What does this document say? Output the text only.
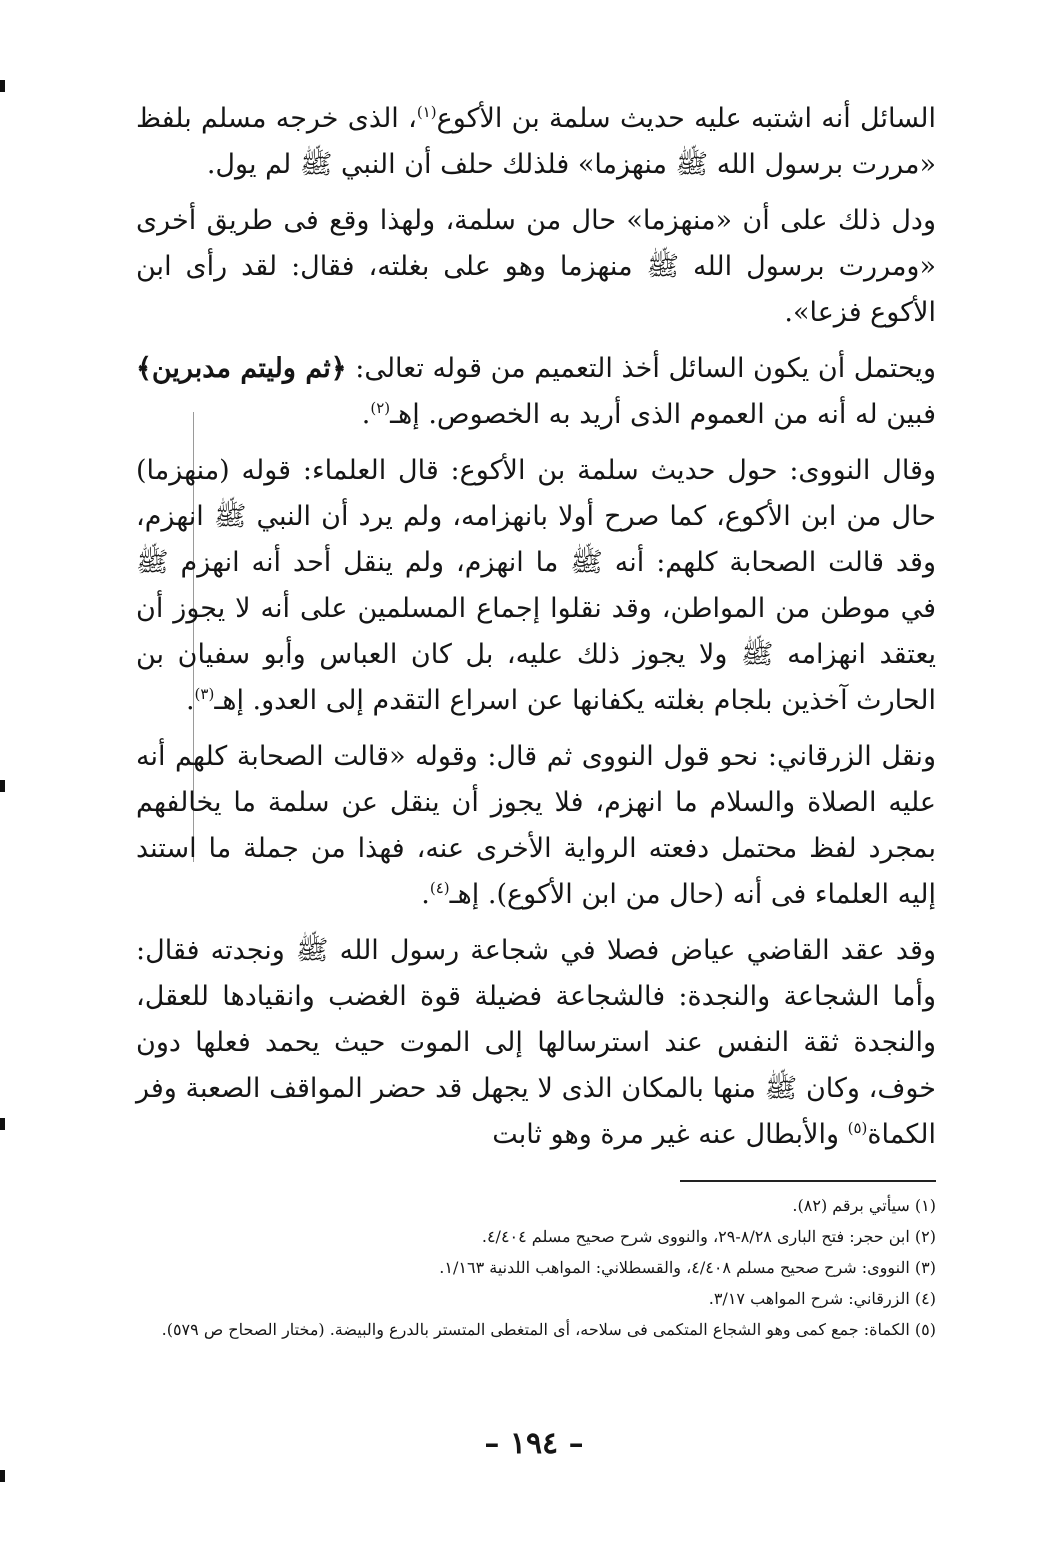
السائل أنه اشتبه عليه حديث سلمة بن الأكوع$^{(١)}$، الذى خرجه مسلم بلفظ «مررت برسول الله ﷺ منهزما» فلذلك حلف أن النبي ﷺ لم يول.

ودل ذلك على أن «منهزما» حال من سلمة، ولهذا وقع فى طريق أخرى «ومررت برسول الله ﷺ منهزما وهو على بغلته، فقال: لقد رأى ابن الأكوع فزعا».

ويحتمل أن يكون السائل أخذ التعميم من قوله تعالى: ﴿ثم وليتم مدبرين﴾ فبين له أنه من العموم الذى أريد به الخصوص. إهـ$^{(٢)}$.

وقال النووى: حول حديث سلمة بن الأكوع: قال العلماء: قوله (منهزما) حال من ابن الأكوع، كما صرح أولا بانهزامه، ولم يرد أن النبي ﷺ انهزم، وقد قالت الصحابة كلهم: أنه ﷺ ما انهزم، ولم ينقل أحد أنه انهزم ﷺ في موطن من المواطن، وقد نقلوا إجماع المسلمين على أنه لا يجوز أن يعتقد انهزامه ﷺ ولا يجوز ذلك عليه، بل كان العباس وأبو سفيان بن الحارث آخذين بلجام بغلته يكفانها عن اسراع التقدم إلى العدو. إهـ$^{(٣)}$.

ونقل الزرقاني: نحو قول النووى ثم قال: وقوله «قالت الصحابة كلهم أنه عليه الصلاة والسلام ما انهزم، فلا يجوز أن ينقل عن سلمة ما يخالفهم بمجرد لفظ محتمل دفعته الرواية الأخرى عنه، فهذا من جملة ما استند إليه العلماء فى أنه (حال من ابن الأكوع). إهـ$^{(٤)}$.

وقد عقد القاضي عياض فصلا في شجاعة رسول الله ﷺ ونجدته فقال: وأما الشجاعة والنجدة: فالشجاعة فضيلة قوة الغضب وانقيادها للعقل، والنجدة ثقة النفس عند استرسالها إلى الموت حيث يحمد فعلها دون خوف، وكان ﷺ منها بالمكان الذى لا يجهل قد حضر المواقف الصعبة وفر الكماة$^{(٥)}$ والأبطال عنه غير مرة وهو ثابت

(١) سيأتي برقم (٨٢).

(٢) ابن حجر: فتح البارى ٨/٢٨-٢٩، والنووى شرح صحيح مسلم ٤/٤٠٤.

(٣) النووى: شرح صحيح مسلم ٤/٤٠٨، والقسطلاني: المواهب اللدنية ١/١٦٣.

(٤) الزرقاني: شرح المواهب ٣/١٧.

(٥) الكماة: جمع كمى وهو الشجاع المتكمى فى سلاحه، أى المتغطى المتستر بالدرع والبيضة. (مختار الصحاح ص ٥٧٩).

– ١٩٤ –
